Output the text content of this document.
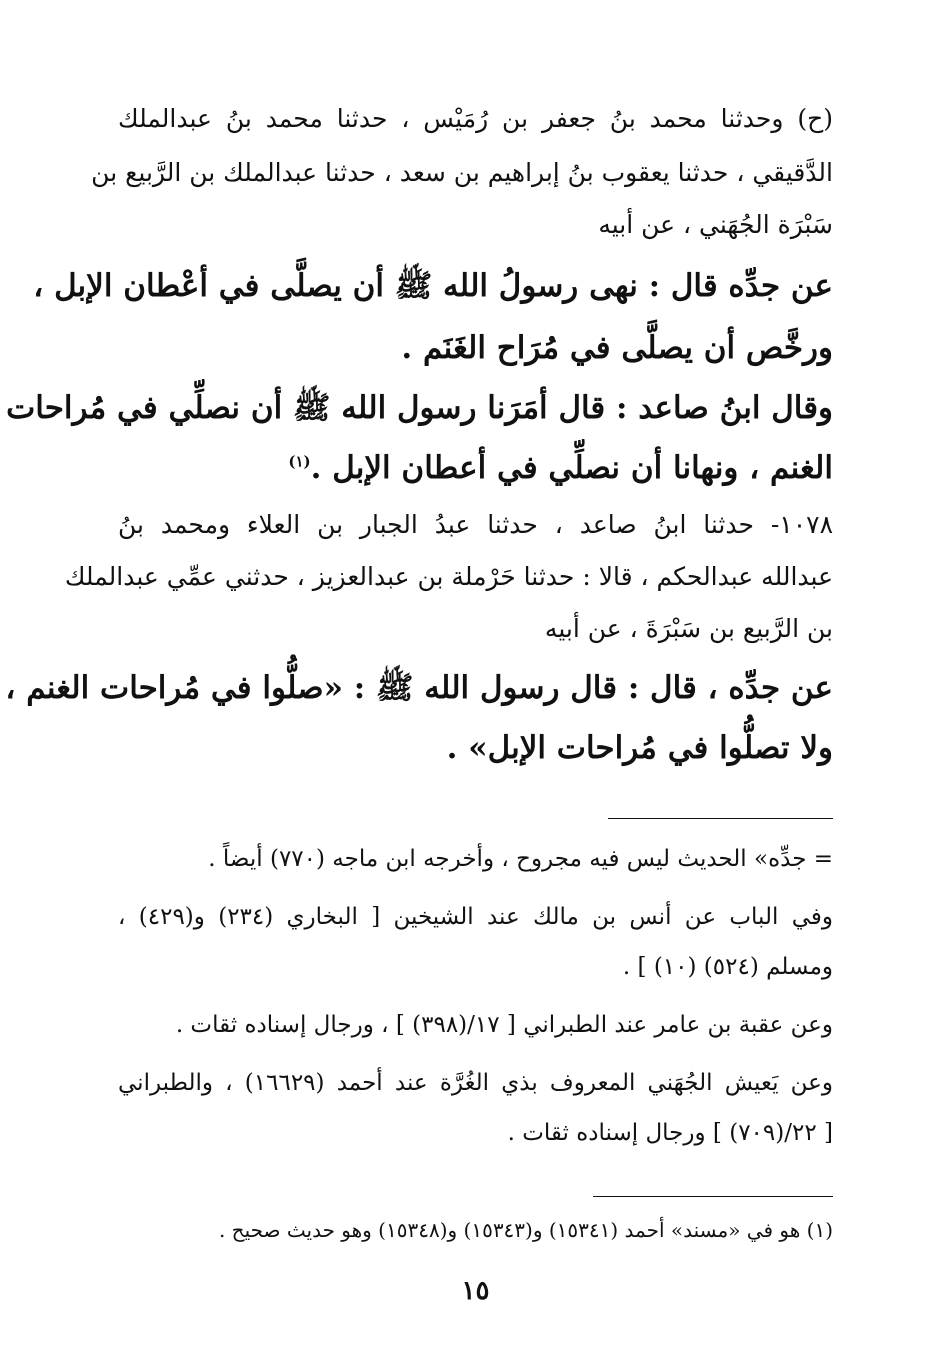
(ح) وحدثنا محمد بنُ جعفر بن رُمَيْس ، حدثنا محمد بنُ عبدالملك
الدَّقيقي ، حدثنا يعقوب بنُ إبراهيم بن سعد ، حدثنا عبدالملك بن الرَّبيع بن
سَبْرَة الجُهَني ، عن أبيه
عن جدِّه قال : نهى رسولُ الله ﷺ أن يصلَّى في أعْطان الإبل ،
ورخَّص أن يصلَّى في مُرَاح الغَنَم .
وقال ابنُ صاعد : قال أمَرَنا رسول الله ﷺ أن نصلِّي في مُراحات
الغنم ، ونهانا أن نصلِّي في أعطان الإبل .$^{(١)}$
١٠٧٨- حدثنا ابنُ صاعد ، حدثنا عبدُ الجبار بن العلاء ومحمد بنُ
عبدالله عبدالحكم ، قالا : حدثنا حَرْملة بن عبدالعزيز ، حدثني عمِّي عبدالملك
بن الرَّبيع بن سَبْرَةَ ، عن أبيه
عن جدِّه ، قال : قال رسول الله ﷺ : «صلُّوا في مُراحات الغنم ،
ولا تصلُّوا في مُراحات الإبل» .
= جدِّه» الحديث ليس فيه مجروح ، وأخرجه ابن ماجه (٧٧٠) أيضاً .
وفي الباب عن أنس بن مالك عند الشيخين [ البخاري (٢٣٤) و(٤٢٩) ،
ومسلم (٥٢٤) (١٠) ] .
وعن عقبة بن عامر عند الطبراني [ ١٧/(٣٩٨) ] ، ورجال إسناده ثقات .
وعن يَعيش الجُهَني المعروف بذي الغُرَّة عند أحمد (١٦٦٢٩) ، والطبراني
[ ٢٢/(٧٠٩) ] ورجال إسناده ثقات .
(١) هو في «مسند» أحمد (١٥٣٤١) و(١٥٣٤٣) و(١٥٣٤٨) وهو حديث صحيح .
١٥
